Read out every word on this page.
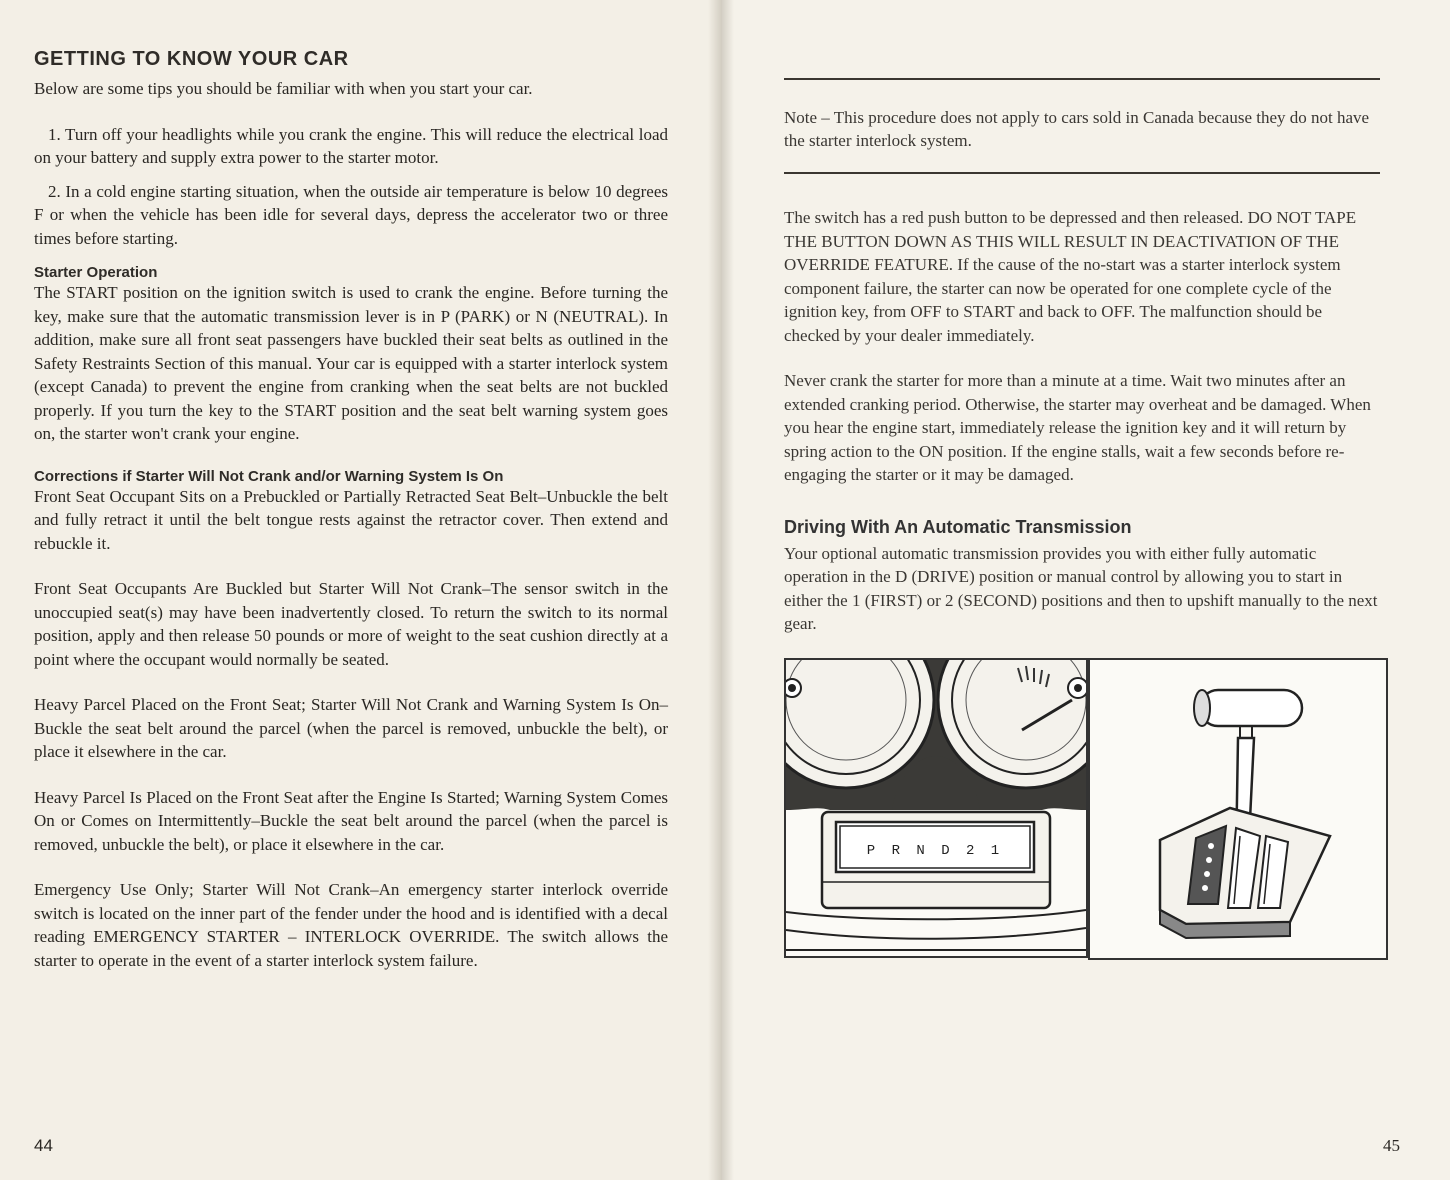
GETTING TO KNOW YOUR CAR

Below are some tips you should be familiar with when you start your car.

1. Turn off your headlights while you crank the engine. This will reduce the electrical load on your battery and supply extra power to the starter motor.

2. In a cold engine starting situation, when the outside air temperature is below 10 degrees F or when the vehicle has been idle for several days, depress the accelerator two or three times before starting.

Starter Operation

The START position on the ignition switch is used to crank the engine. Before turning the key, make sure that the automatic transmission lever is in P (PARK) or N (NEUTRAL). In addition, make sure all front seat passengers have buckled their seat belts as outlined in the Safety Restraints Section of this manual. Your car is equipped with a starter interlock system (except Canada) to prevent the engine from cranking when the seat belts are not buckled properly. If you turn the key to the START position and the seat belt warning system goes on, the starter won't crank your engine.

Corrections if Starter Will Not Crank and/or Warning System Is On

Front Seat Occupant Sits on a Prebuckled or Partially Retracted Seat Belt–Unbuckle the belt and fully retract it until the belt tongue rests against the retractor cover. Then extend and rebuckle it.

Front Seat Occupants Are Buckled but Starter Will Not Crank–The sensor switch in the unoccupied seat(s) may have been inadvertently closed. To return the switch to its normal position, apply and then release 50 pounds or more of weight to the seat cushion directly at a point where the occupant would normally be seated.

Heavy Parcel Placed on the Front Seat; Starter Will Not Crank and Warning System Is On–Buckle the seat belt around the parcel (when the parcel is removed, unbuckle the belt), or place it elsewhere in the car.

Heavy Parcel Is Placed on the Front Seat after the Engine Is Started; Warning System Comes On or Comes on Intermittently–Buckle the seat belt around the parcel (when the parcel is removed, unbuckle the belt), or place it elsewhere in the car.

Emergency Use Only; Starter Will Not Crank–An emergency starter interlock override switch is located on the inner part of the fender under the hood and is identified with a decal reading EMERGENCY STARTER – INTERLOCK OVERRIDE. The switch allows the starter to operate in the event of a starter interlock system failure.

44

Note – This procedure does not apply to cars sold in Canada because they do not have the starter interlock system.

The switch has a red push button to be depressed and then released. DO NOT TAPE THE BUTTON DOWN AS THIS WILL RESULT IN DEACTIVATION OF THE OVERRIDE FEATURE. If the cause of the no-start was a starter interlock system component failure, the starter can now be operated for one complete cycle of the ignition key, from OFF to START and back to OFF. The malfunction should be checked by your dealer immediately.

Never crank the starter for more than a minute at a time. Wait two minutes after an extended cranking period. Otherwise, the starter may overheat and be damaged. When you hear the engine start, immediately release the ignition key and it will return by spring action to the ON position. If the engine stalls, wait a few seconds before re-engaging the starter or it may be damaged.

Driving With An Automatic Transmission

Your optional automatic transmission provides you with either fully automatic operation in the D (DRIVE) position or manual control by allowing you to start in either the 1 (FIRST) or 2 (SECOND) positions and then to upshift manually to the next gear.

P R N D 2 1
45
